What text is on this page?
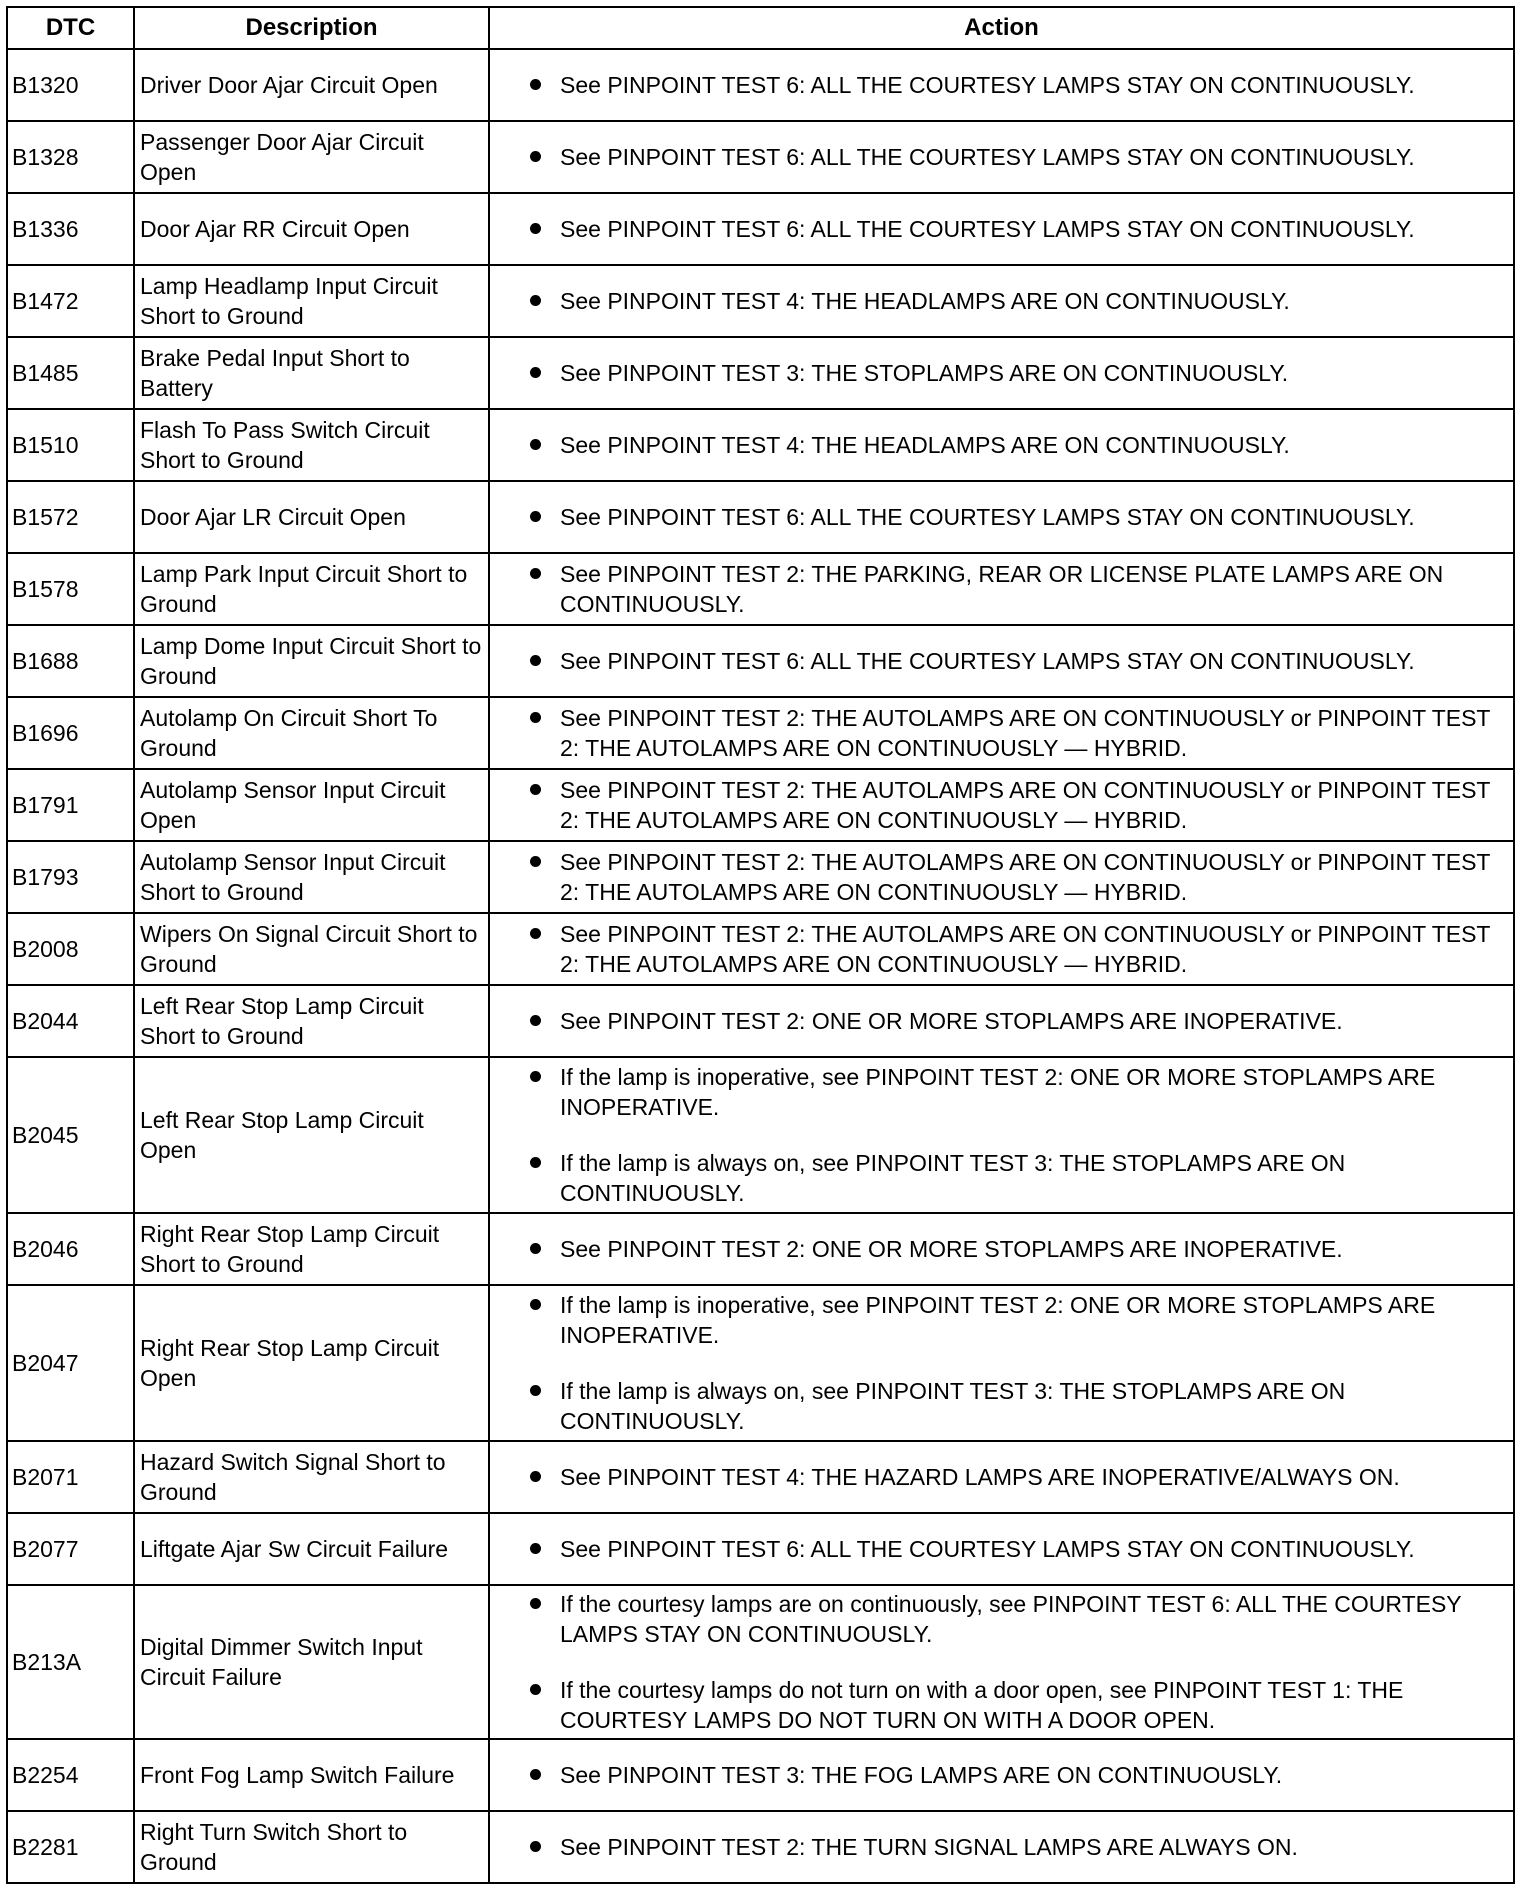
DTC	Description	Action
B1320	Driver Door Ajar Circuit Open	See PINPOINT TEST 6: ALL THE COURTESY LAMPS STAY ON CONTINUOUSLY.

B1328	Passenger Door Ajar Circuit Open	See PINPOINT TEST 6: ALL THE COURTESY LAMPS STAY ON CONTINUOUSLY.

B1336	Door Ajar RR Circuit Open	See PINPOINT TEST 6: ALL THE COURTESY LAMPS STAY ON CONTINUOUSLY.

B1472	Lamp Headlamp Input Circuit Short to Ground	See PINPOINT TEST 4: THE HEADLAMPS ARE ON CONTINUOUSLY.

B1485	Brake Pedal Input Short to Battery	See PINPOINT TEST 3: THE STOPLAMPS ARE ON CONTINUOUSLY.

B1510	Flash To Pass Switch Circuit Short to Ground	See PINPOINT TEST 4: THE HEADLAMPS ARE ON CONTINUOUSLY.

B1572	Door Ajar LR Circuit Open	See PINPOINT TEST 6: ALL THE COURTESY LAMPS STAY ON CONTINUOUSLY.

B1578	Lamp Park Input Circuit Short to Ground	See PINPOINT TEST 2: THE PARKING, REAR OR LICENSE PLATE LAMPS ARE ON CONTINUOUSLY.

B1688	Lamp Dome Input Circuit Short to Ground	See PINPOINT TEST 6: ALL THE COURTESY LAMPS STAY ON CONTINUOUSLY.

B1696	Autolamp On Circuit Short To Ground	See PINPOINT TEST 2: THE AUTOLAMPS ARE ON CONTINUOUSLY or PINPOINT TEST 2: THE AUTOLAMPS ARE ON CONTINUOUSLY — HYBRID.

B1791	Autolamp Sensor Input Circuit Open	See PINPOINT TEST 2: THE AUTOLAMPS ARE ON CONTINUOUSLY or PINPOINT TEST 2: THE AUTOLAMPS ARE ON CONTINUOUSLY — HYBRID.

B1793	Autolamp Sensor Input Circuit Short to Ground	See PINPOINT TEST 2: THE AUTOLAMPS ARE ON CONTINUOUSLY or PINPOINT TEST 2: THE AUTOLAMPS ARE ON CONTINUOUSLY — HYBRID.

B2008	Wipers On Signal Circuit Short to Ground	See PINPOINT TEST 2: THE AUTOLAMPS ARE ON CONTINUOUSLY or PINPOINT TEST 2: THE AUTOLAMPS ARE ON CONTINUOUSLY — HYBRID.

B2044	Left Rear Stop Lamp Circuit Short to Ground	See PINPOINT TEST 2: ONE OR MORE STOPLAMPS ARE INOPERATIVE.

B2045	Left Rear Stop Lamp Circuit Open	If the lamp is inoperative, see PINPOINT TEST 2: ONE OR MORE STOPLAMPS ARE INOPERATIVE.
If the lamp is always on, see PINPOINT TEST 3: THE STOPLAMPS ARE ON CONTINUOUSLY.

B2046	Right Rear Stop Lamp Circuit Short to Ground	See PINPOINT TEST 2: ONE OR MORE STOPLAMPS ARE INOPERATIVE.

B2047	Right Rear Stop Lamp Circuit Open	If the lamp is inoperative, see PINPOINT TEST 2: ONE OR MORE STOPLAMPS ARE INOPERATIVE.
If the lamp is always on, see PINPOINT TEST 3: THE STOPLAMPS ARE ON CONTINUOUSLY.

B2071	Hazard Switch Signal Short to Ground	See PINPOINT TEST 4: THE HAZARD LAMPS ARE INOPERATIVE/ALWAYS ON.

B2077	Liftgate Ajar Sw Circuit Failure	See PINPOINT TEST 6: ALL THE COURTESY LAMPS STAY ON CONTINUOUSLY.

B213A	Digital Dimmer Switch Input Circuit Failure	If the courtesy lamps are on continuously, see PINPOINT TEST 6: ALL THE COURTESY LAMPS STAY ON CONTINUOUSLY.
If the courtesy lamps do not turn on with a door open, see PINPOINT TEST 1: THE COURTESY LAMPS DO NOT TURN ON WITH A DOOR OPEN.

B2254	Front Fog Lamp Switch Failure	See PINPOINT TEST 3: THE FOG LAMPS ARE ON CONTINUOUSLY.

B2281	Right Turn Switch Short to Ground	See PINPOINT TEST 2: THE TURN SIGNAL LAMPS ARE ALWAYS ON.
